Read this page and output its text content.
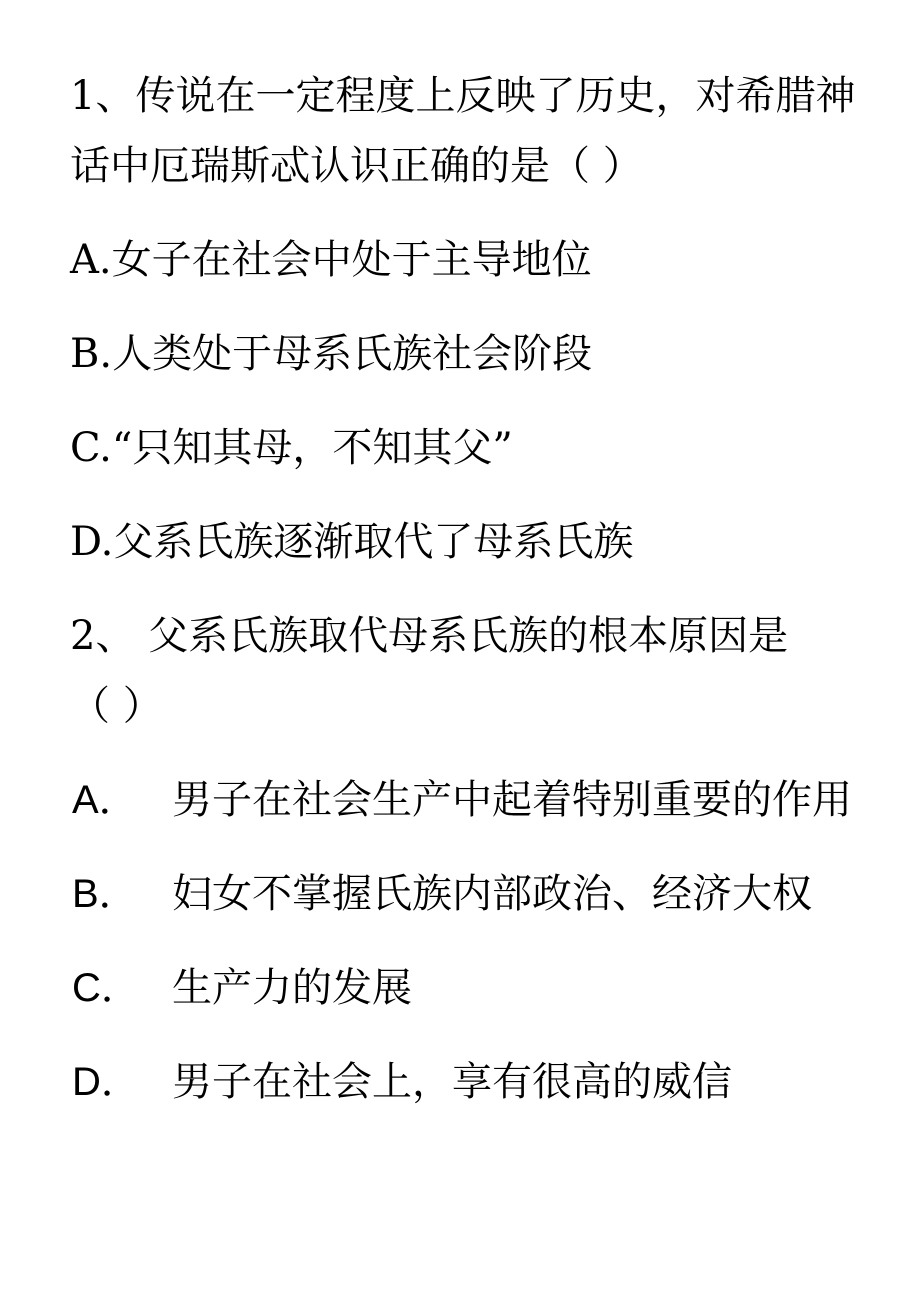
1、传说在一定程度上反映了历史，对希腊神
话中厄瑞斯忒认识正确的是（ ）
A.女子在社会中处于主导地位
B.人类处于母系氏族社会阶段
C.“只知其母，不知其父”
D.父系氏族逐渐取代了母系氏族
2、 父系氏族取代母系氏族的根本原因是
（ ）
A． 男子在社会生产中起着特别重要的作用
B． 妇女不掌握氏族内部政治、经济大权
C． 生产力的发展
D． 男子在社会上，享有很高的威信
